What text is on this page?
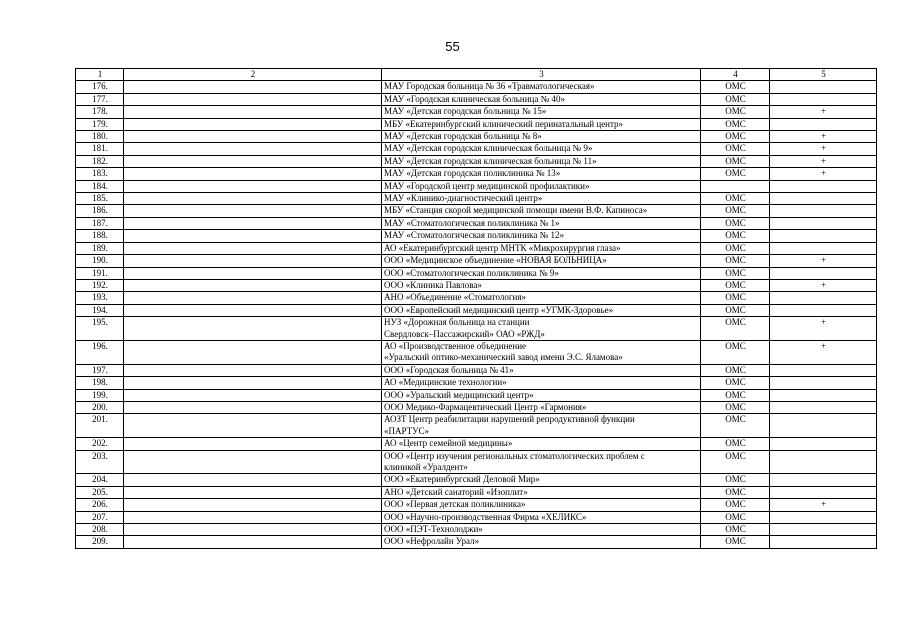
55
1	2	3	4	5
176.		МАУ Городская больница № 36 «Травматологическая»	ОМС	
177.		МАУ «Городская клиническая больница № 40»	ОМС	
178.		МАУ «Детская городская больница № 15»	ОМС	+
179.		МБУ «Екатеринбургский клинический перинатальный центр»	ОМС	
180.		МАУ «Детская городская больница № 8»	ОМС	+
181.		МАУ «Детская городская клиническая больница № 9»	ОМС	+
182.		МАУ «Детская городская клиническая больница № 11»	ОМС	+
183.		МАУ «Детская городская поликлиника № 13»	ОМС	+
184.		МАУ «Городской центр медицинской профилактики»		
185.		МАУ «Клинико-диагностический центр»	ОМС	
186.		МБУ «Станция скорой медицинской помощи имени В.Ф. Капиноса»	ОМС	
187.		МАУ «Стоматологическая поликлиника № 1»	ОМС	
188.		МАУ «Стоматологическая поликлиника № 12»	ОМС	
189.		АО «Екатеринбургский центр МНТК «Микрохирургия глаза»	ОМС	
190.		ООО «Медицинское объединение «НОВАЯ БОЛЬНИЦА»	ОМС	+
191.		ООО «Стоматологическая поликлиника № 9»	ОМС	
192.		ООО «Клиника Павлова»	ОМС	+
193.		АНО «Объединение «Стоматология»	ОМС	
194.		ООО «Европейский медицинский центр «УГМК-Здоровье»	ОМС	
195.		НУЗ «Дорожная больница на станции
Свердловск–Пассажирский» ОАО «РЖД»	ОМС	+
196.		АО «Производственное объединение
«Уральский оптико-механический завод имени Э.С. Яламова»	ОМС	+
197.		ООО «Городская больница № 41»	ОМС	
198.		АО «Медицинские технологии»	ОМС	
199.		ООО «Уральский медицинский центр»	ОМС	
200.		ООО Медико-Фармацевтический Центр «Гармония»	ОМС	
201.		АОЗТ Центр реабилитации нарушений репродуктивной функции
«ПАРТУС»	ОМС	
202.		АО «Центр семейной медицины»	ОМС	
203.		ООО «Центр изучения региональных стоматологических проблем с
клиникой «Уралдент»	ОМС	
204.		ООО «Екатеринбургский Деловой Мир»	ОМС	
205.		АНО «Детский санаторий «Изоплит»	ОМС	
206.		ООО «Первая детская поликлиника»	ОМС	+
207.		ООО «Научно-производственная Фирма «ХЕЛИКС»	ОМС	
208.		ООО «ПЭТ-Технолоджи»	ОМС	
209.		ООО «Нефролайн Урал»	ОМС	
